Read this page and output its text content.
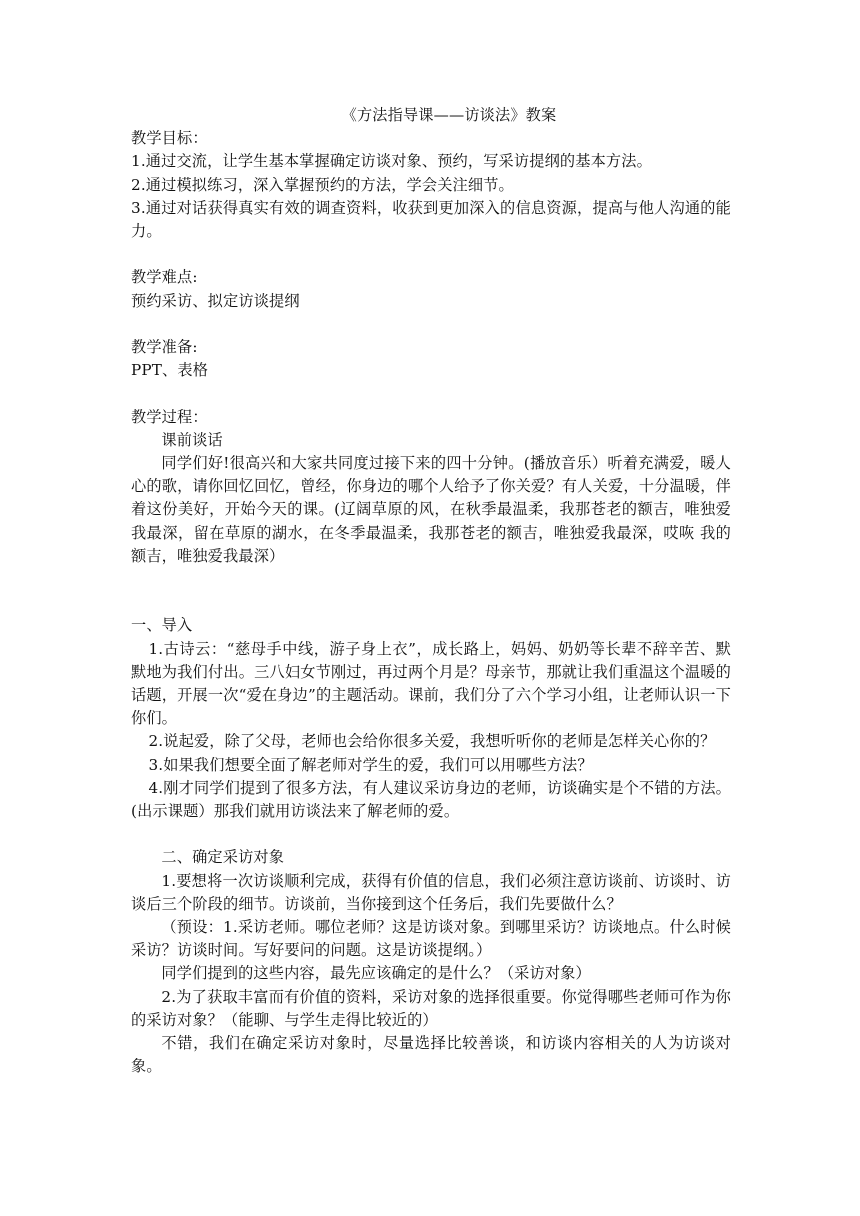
《方法指导课——访谈法》教案

教学目标：

1.通过交流，让学生基本掌握确定访谈对象、预约，写采访提纲的基本方法。

2.通过模拟练习，深入掌握预约的方法，学会关注细节。

3.通过对话获得真实有效的调查资料，收获到更加深入的信息资源，提高与他人沟通的能力。

教学难点:

预约采访、拟定访谈提纲

教学准备:

PPT、表格

教学过程：

课前谈话

同学们好!很高兴和大家共同度过接下来的四十分钟。(播放音乐）听着充满爱，暖人心的歌，请你回忆回忆，曾经，你身边的哪个人给予了你关爱？有人关爱，十分温暖，伴着这份美好，开始今天的课。(辽阔草原的风，在秋季最温柔，我那苍老的额吉，唯独爱我最深，留在草原的湖水，在冬季最温柔，我那苍老的额吉，唯独爱我最深，哎咴 我的额吉，唯独爱我最深）

一、导入

1.古诗云：“慈母手中线，游子身上衣”，成长路上，妈妈、奶奶等长辈不辞辛苦、默默地为我们付出。三八妇女节刚过，再过两个月是？母亲节，那就让我们重温这个温暖的话题，开展一次“爱在身边”的主题活动。课前，我们分了六个学习小组，让老师认识一下你们。

2.说起爱，除了父母，老师也会给你很多关爱，我想听听你的老师是怎样关心你的？

3.如果我们想要全面了解老师对学生的爱，我们可以用哪些方法？

4.刚才同学们提到了很多方法，有人建议采访身边的老师，访谈确实是个不错的方法。(出示课题）那我们就用访谈法来了解老师的爱。

二、确定采访对象

1.要想将一次访谈顺利完成，获得有价值的信息，我们必须注意访谈前、访谈时、访谈后三个阶段的细节。访谈前，当你接到这个任务后，我们先要做什么？

（预设：1.采访老师。哪位老师？这是访谈对象。到哪里采访？访谈地点。什么时候采访？访谈时间。写好要问的问题。这是访谈提纲。）

同学们提到的这些内容，最先应该确定的是什么？（采访对象）

2.为了获取丰富而有价值的资料，采访对象的选择很重要。你觉得哪些老师可作为你的采访对象？（能聊、与学生走得比较近的）

不错，我们在确定采访对象时，尽量选择比较善谈，和访谈内容相关的人为访谈对象。
